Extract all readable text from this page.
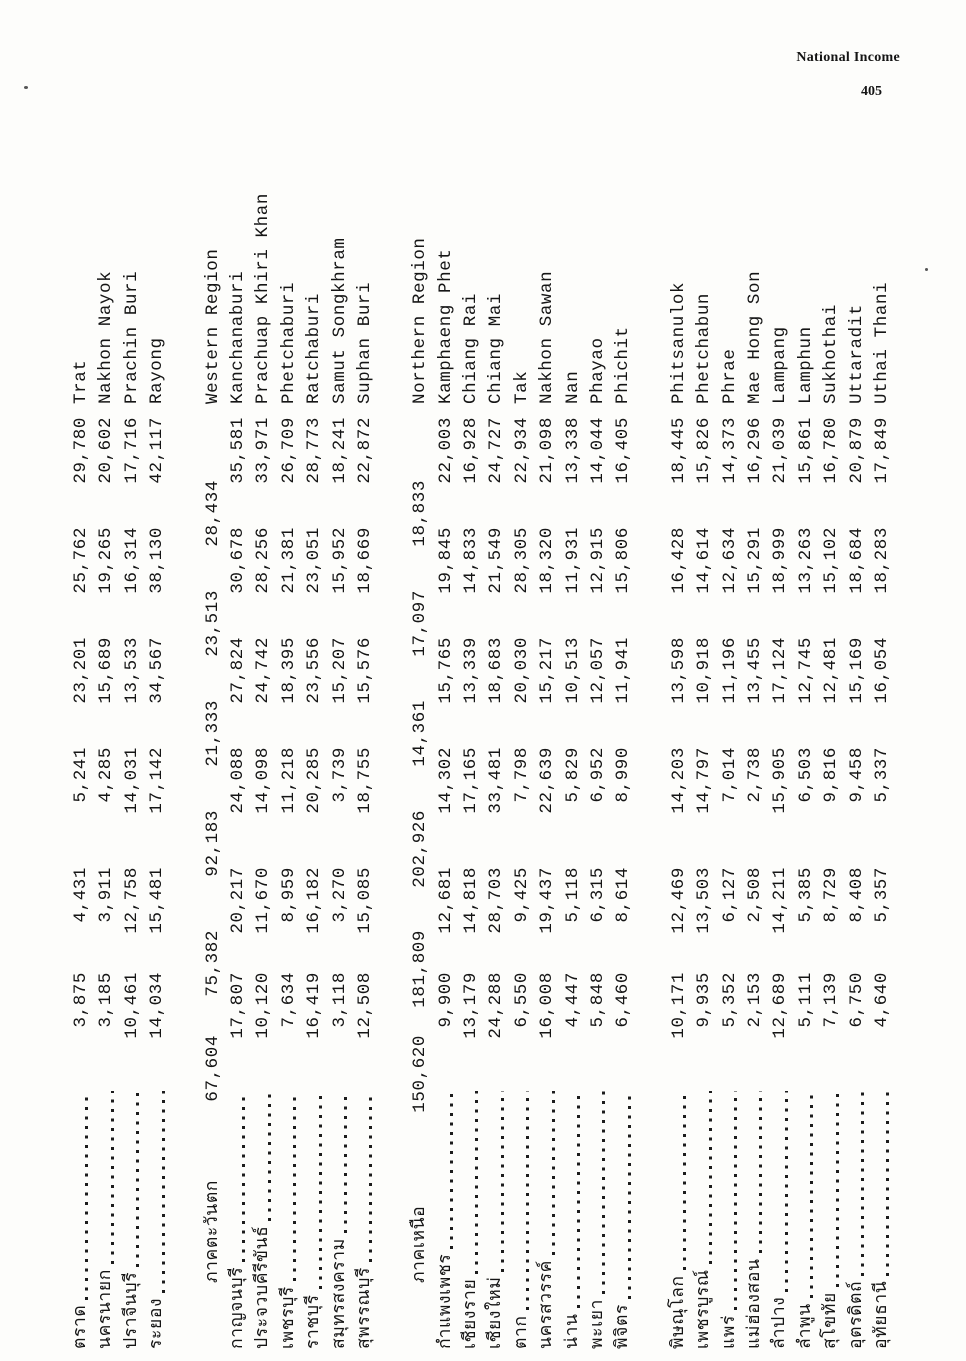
National Income
405
ตราด
3,875
4,431
5,241
23,201
25,762
29,780
Trat
นครนายก
3,185
3,911
4,285
15,689
19,265
20,602
Nakhon Nayok
ปราจีนบุรี
10,461
12,758
14,031
13,533
16,314
17,716
Prachin Buri
ระยอง
14,034
15,481
17,142
34,567
38,130
42,117
Rayong
ภาคตะวันตก
67,604
75,382
92,183
21,333
23,513
28,434
Western Region
กาญจนบุรี
17,807
20,217
24,088
27,824
30,678
35,581
Kanchanaburi
ประจวบคีรีขันธ์
10,120
11,670
14,098
24,742
28,256
33,971
Prachuap Khiri Khan
เพชรบุรี
7,634
8,959
11,218
18,395
21,381
26,709
Phetchaburi
ราชบุรี
16,419
16,182
20,285
23,556
23,051
28,773
Ratchaburi
สมุทรสงคราม
3,118
3,270
3,739
15,207
15,952
18,241
Samut Songkhram
สุพรรณบุรี
12,508
15,085
18,755
15,576
18,669
22,872
Suphan Buri
ภาคเหนือ
150,620
181,809
202,926
14,361
17,097
18,833
Northern Region
กำแพงเพชร
9,900
12,681
14,302
15,765
19,845
22,003
Kamphaeng Phet
เชียงราย
13,179
14,818
17,165
13,339
14,833
16,928
Chiang Rai
เชียงใหม่
24,288
28,703
33,481
18,683
21,549
24,727
Chiang Mai
ตาก
6,550
9,425
7,798
20,030
28,305
22,934
Tak
นครสวรรค์
16,008
19,437
22,639
15,217
18,320
21,098
Nakhon Sawan
น่าน
4,447
5,118
5,829
10,513
11,931
13,338
Nan
พะเยา
5,848
6,315
6,952
12,057
12,915
14,044
Phayao
พิจิตร
6,460
8,614
8,990
11,941
15,806
16,405
Phichit
พิษณุโลก
10,171
12,469
14,203
13,598
16,428
18,445
Phitsanulok
เพชรบูรณ์
9,935
13,503
14,797
10,918
14,614
15,826
Phetchabun
แพร่
5,352
6,127
7,014
11,196
12,634
14,373
Phrae
แม่ฮ่องสอน
2,153
2,508
2,738
13,455
15,291
16,296
Mae Hong Son
ลำปาง
12,689
14,211
15,905
17,124
18,999
21,039
Lampang
ลำพูน
5,111
5,385
6,503
12,745
13,263
15,861
Lamphun
สุโขทัย
7,139
8,729
9,816
12,481
15,102
16,780
Sukhothai
อุตรดิตถ์
6,750
8,408
9,458
15,169
18,684
20,879
Uttaradit
อุทัยธานี
4,640
5,357
5,337
16,054
18,283
17,849
Uthai Thani
